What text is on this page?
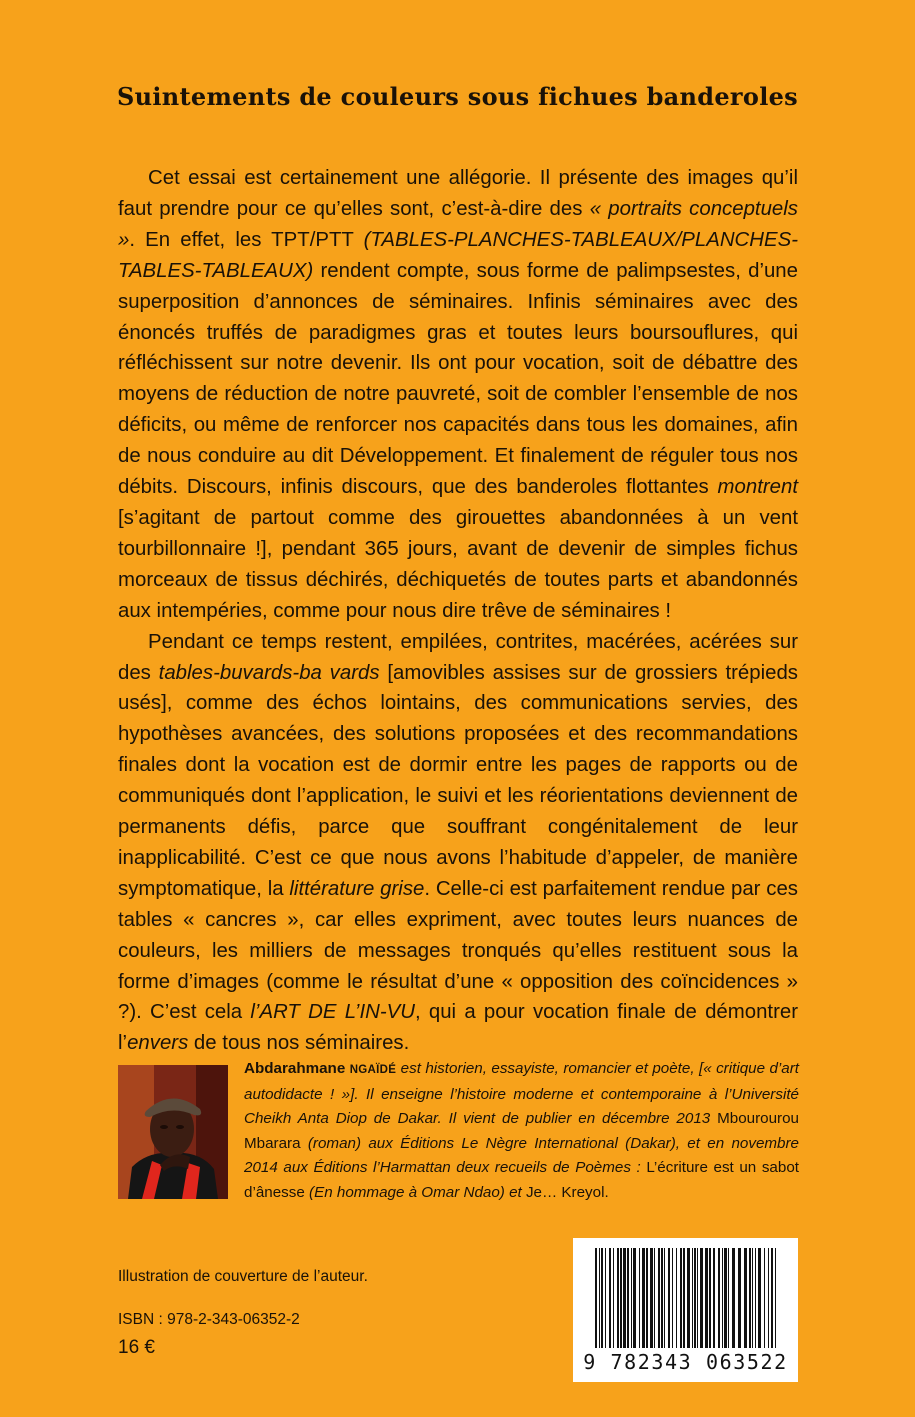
Suintements de couleurs sous fichues banderoles

Cet essai est certainement une allégorie. Il présente des images qu’il faut prendre pour ce qu’elles sont, c’est-à-dire des « portraits conceptuels ». En effet, les TPT/PTT (TABLES-PLANCHES-TABLEAUX/PLANCHES-TABLES-TABLEAUX) rendent compte, sous forme de palimpsestes, d’une superposition d’annonces de séminaires. Infinis séminaires avec des énoncés truffés de paradigmes gras et toutes leurs boursouflures, qui réfléchissent sur notre devenir. Ils ont pour vocation, soit de débattre des moyens de réduction de notre pauvreté, soit de combler l’ensemble de nos déficits, ou même de renforcer nos capacités dans tous les domaines, afin de nous conduire au dit Développement. Et finalement de réguler tous nos débits. Discours, infinis discours, que des banderoles flottantes montrent [s’agitant de partout comme des girouettes abandonnées à un vent tourbillonnaire !], pendant 365 jours, avant de devenir de simples fichus morceaux de tissus déchirés, déchiquetés de toutes parts et abandonnés aux intempéries, comme pour nous dire trêve de séminaires !

Pendant ce temps restent, empilées, contrites, macérées, acérées sur des tables-buvards-ba vards [amovibles assises sur de grossiers trépieds usés], comme des échos lointains, des communications servies, des hypothèses avancées, des solutions proposées et des recommandations finales dont la vocation est de dormir entre les pages de rapports ou de communiqués dont l’application, le suivi et les réorientations deviennent de permanents défis, parce que souffrant congénitalement de leur inapplicabilité. C’est ce que nous avons l’habitude d’appeler, de manière symptomatique, la littérature grise. Celle-ci est parfaitement rendue par ces tables « cancres », car elles expriment, avec toutes leurs nuances de couleurs, les milliers de messages tronqués qu’elles restituent sous la forme d’images (comme le résultat d’une « opposition des coïncidences » ?). C’est cela l’ART DE L’IN-VU, qui a pour vocation finale de démontrer l’envers de tous nos séminaires.

Abdarahmane NGAÏDÉ est historien, essayiste, romancier et poète, [« critique d’art autodidacte ! »]. Il enseigne l’histoire moderne et contemporaine à l’Université Cheikh Anta Diop de Dakar. Il vient de publier en décembre 2013 Mbourourou Mbarara (roman) aux Éditions Le Nègre International (Dakar), et en novembre 2014 aux Éditions l’Harmattan deux recueils de Poèmes : L’écriture est un sabot d’ânesse (En hommage à Omar Ndao) et Je… Kreyol.
Illustration de couverture de l’auteur.
ISBN : 978-2-343-06352-2
16 €
9 782343 063522
